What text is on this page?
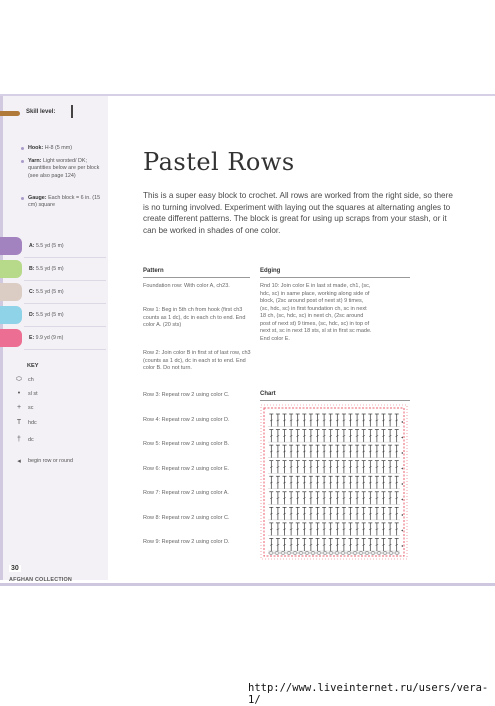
Skill level:
Hook: H-8 (5 mm)
Yarn: Light worsted/ DK; quantities below are per block (see also page 124)
Gauge: Each block = 6 in. (15 cm) square
A: 5.5 yd (5 m)
B: 5.5 yd (5 m)
C: 5.5 yd (5 m)
D: 5.5 yd (5 m)
E: 9.9 yd (9 m)
KEY
⬭	ch
•	sl st
+	sc
T	hdc
†	dc
◂	begin row or round
30
AFGHAN COLLECTION
Pastel Rows
This is a super easy block to crochet. All rows are worked from the right side, so there is no turning involved. Experiment with laying out the squares at alternating angles to create different patterns. The block is great for using up scraps from your stash, or it can be worked in shades of one color.
Pattern	Edging
Foundation row: With color A, ch23.
Row 1: Beg in 5th ch from hook (first ch3 counts as 1 dc), dc in each ch to end. End color A. (20 sts)
Row 2: Join color B in first st of last row, ch3 (counts as 1 dc), dc in each st to end. End color B. Do not turn.
Row 3: Repeat row 2 using color C.
Row 4: Repeat row 2 using color D.
Row 5: Repeat row 2 using color B.
Row 6: Repeat row 2 using color E.
Row 7: Repeat row 2 using color A.
Row 8: Repeat row 2 using color C.
Row 9: Repeat row 2 using color D.
Rnd 10: Join color E in last st made, ch1, (sc, hdc, sc) in same place, working along side of block, (2sc around post of next st) 9 times, (sc, hdc, sc) in first foundation ch, sc in next 18 ch, (sc, hdc, sc) in next ch, (2sc around post of next st) 9 times, (sc, hdc, sc) in top of next st, sc in next 18 sts, sl st in first sc made. End color E.
Chart
◂
◂
◂
◂
◂
◂
◂
◂
◂
http://www.liveinternet.ru/users/vera-1/
